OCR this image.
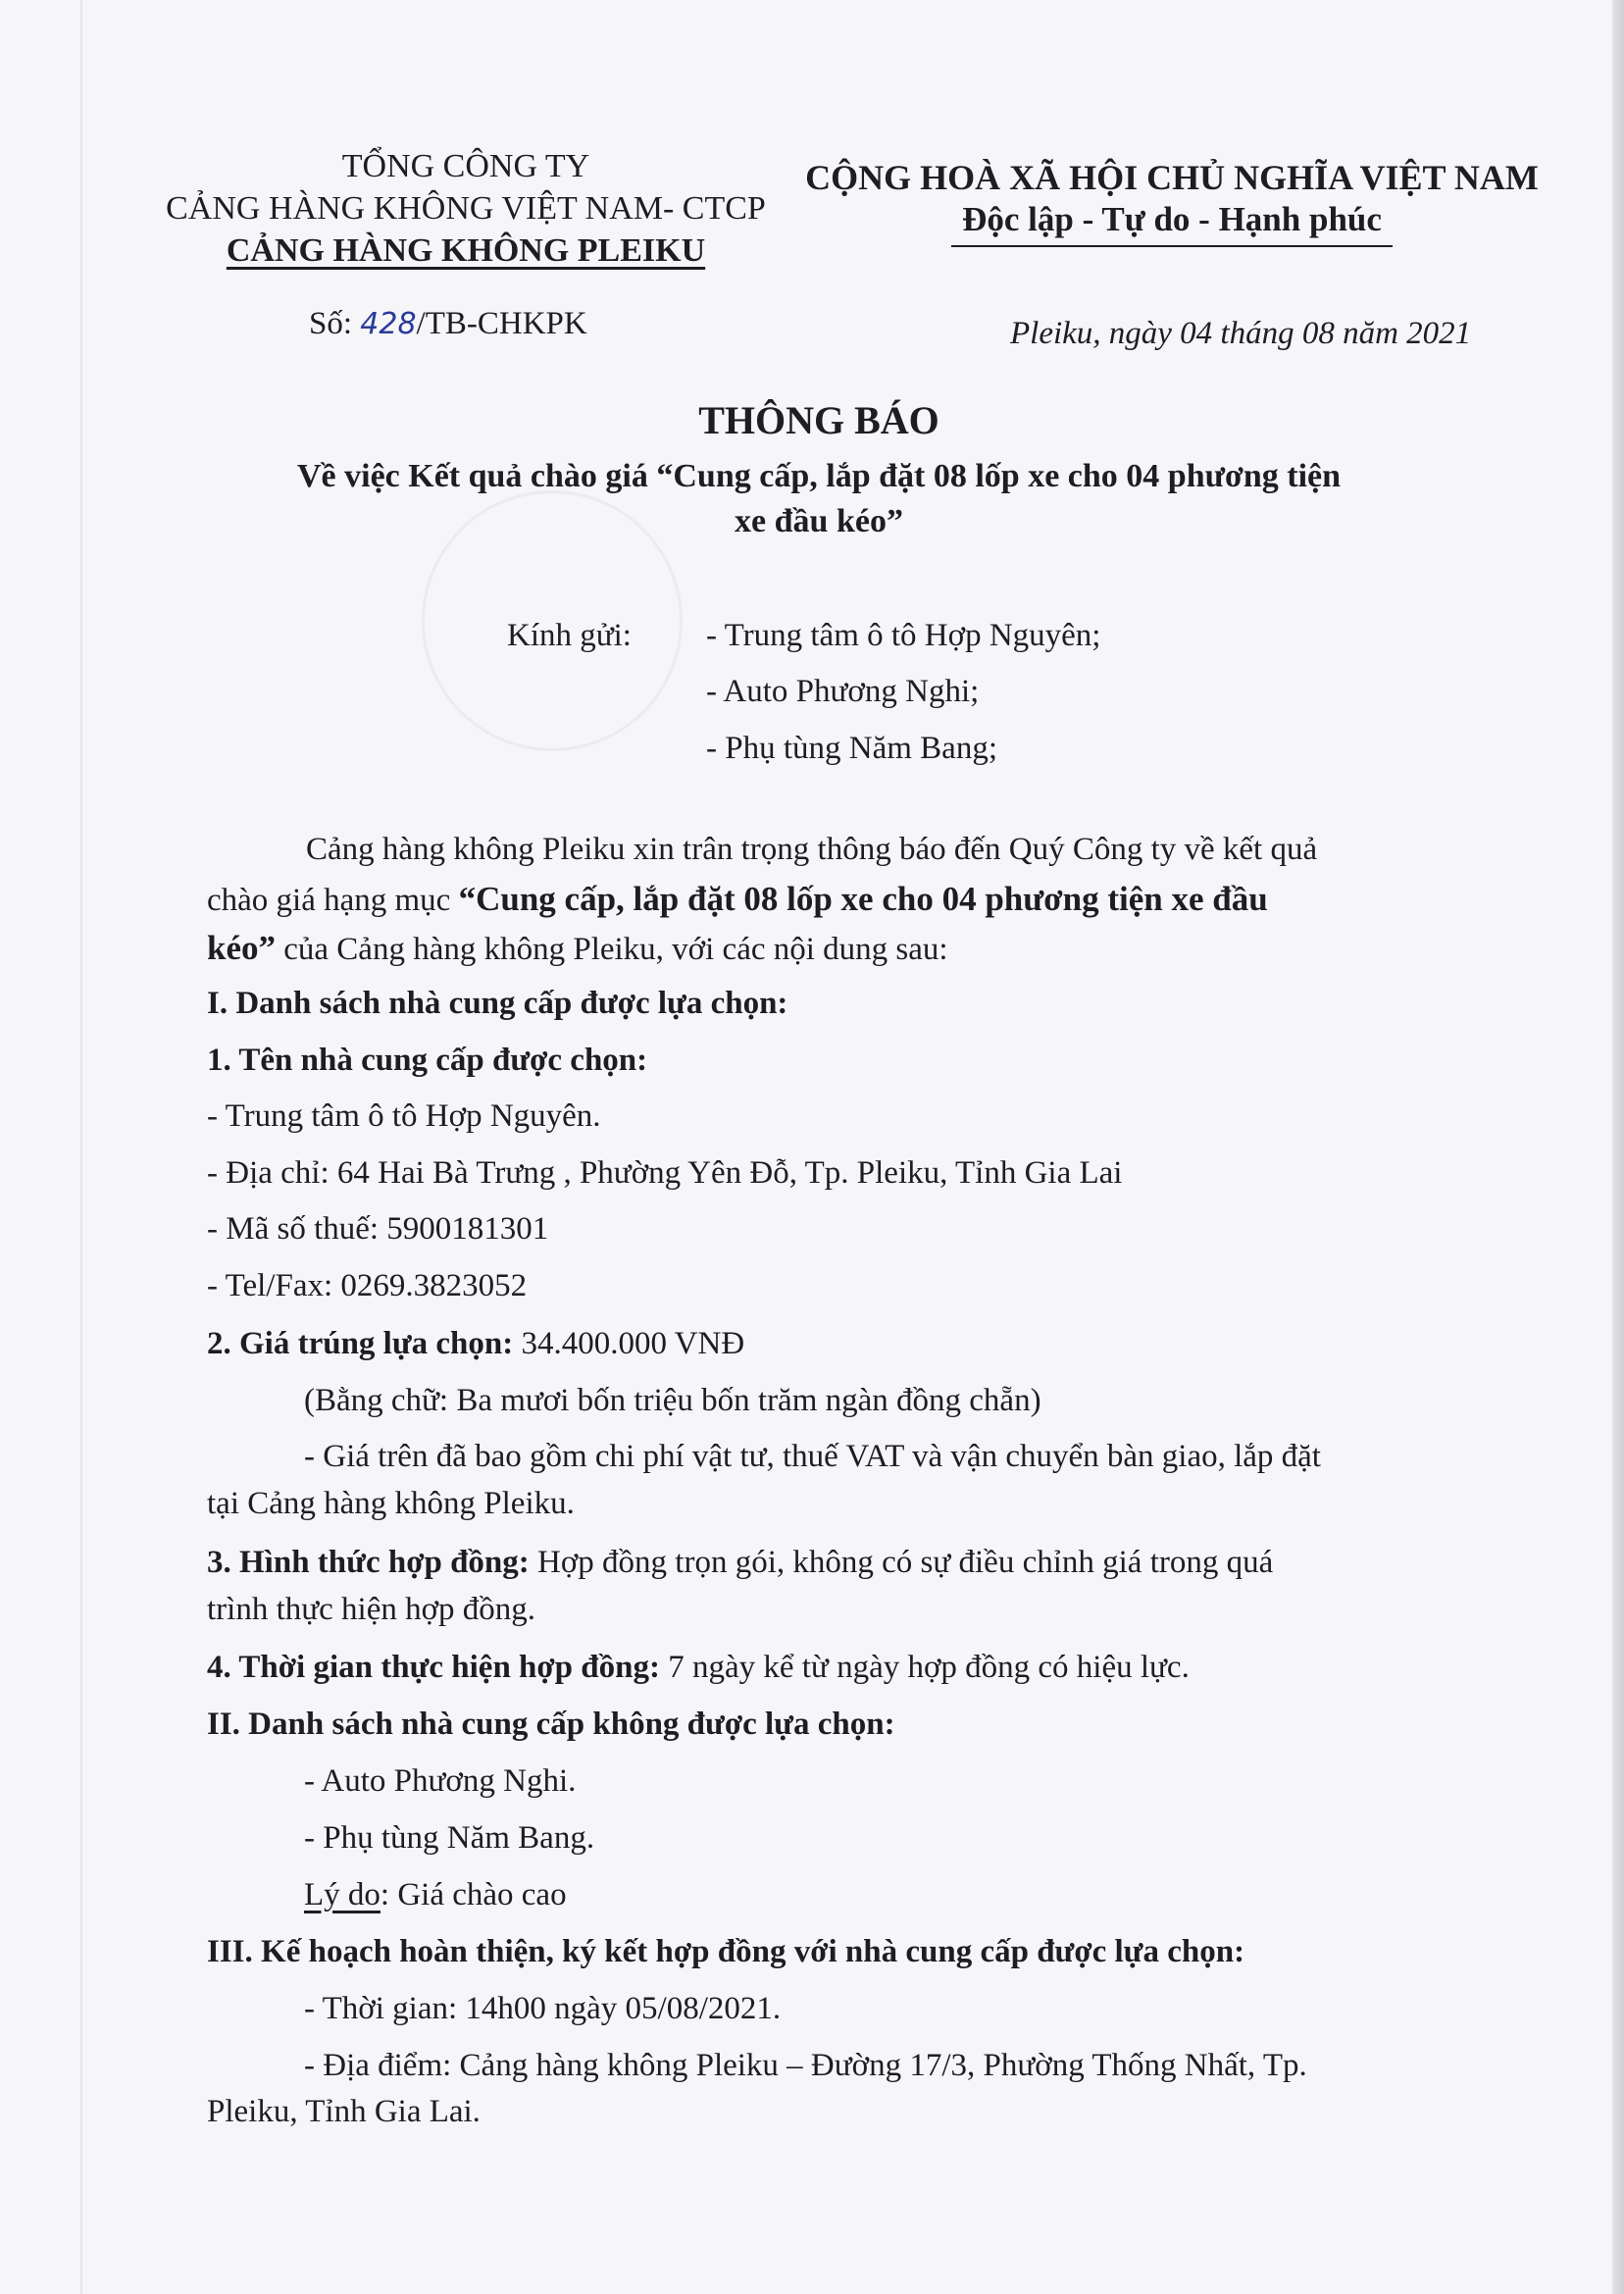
TỔNG CÔNG TY
CẢNG HÀNG KHÔNG VIỆT NAM- CTCP
CẢNG HÀNG KHÔNG PLEIKU
CỘNG HOÀ XÃ HỘI CHỦ NGHĨA VIỆT NAM
Độc lập - Tự do - Hạnh phúc
Số: 428/TB-CHKPK	Pleiku, ngày 04 tháng 08 năm 2021
THÔNG BÁO
Về việc Kết quả chào giá “Cung cấp, lắp đặt 08 lốp xe cho 04 phương tiện
xe đầu kéo”
Kính gửi: - Trung tâm ô tô Hợp Nguyên;
- Auto Phương Nghi;
- Phụ tùng Năm Bang;
Cảng hàng không Pleiku xin trân trọng thông báo đến Quý Công ty về kết quả
chào giá hạng mục “Cung cấp, lắp đặt 08 lốp xe cho 04 phương tiện xe đầu
kéo” của Cảng hàng không Pleiku, với các nội dung sau:
I. Danh sách nhà cung cấp được lựa chọn:
1. Tên nhà cung cấp được chọn:
- Trung tâm ô tô Hợp Nguyên.
- Địa chỉ: 64 Hai Bà Trưng , Phường Yên Đỗ, Tp. Pleiku, Tỉnh Gia Lai
- Mã số thuế: 5900181301
- Tel/Fax: 0269.3823052
2. Giá trúng lựa chọn: 34.400.000 VNĐ
(Bằng chữ: Ba mươi bốn triệu bốn trăm ngàn đồng chẵn)
- Giá trên đã bao gồm chi phí vật tư, thuế VAT và vận chuyển bàn giao, lắp đặt
tại Cảng hàng không Pleiku.
3. Hình thức hợp đồng: Hợp đồng trọn gói, không có sự điều chỉnh giá trong quá
trình thực hiện hợp đồng.
4. Thời gian thực hiện hợp đồng: 7 ngày kể từ ngày hợp đồng có hiệu lực.
II. Danh sách nhà cung cấp không được lựa chọn:
- Auto Phương Nghi.
- Phụ tùng Năm Bang.
Lý do: Giá chào cao
III. Kế hoạch hoàn thiện, ký kết hợp đồng với nhà cung cấp được lựa chọn:
- Thời gian: 14h00 ngày 05/08/2021.
- Địa điểm: Cảng hàng không Pleiku – Đường 17/3, Phường Thống Nhất, Tp.
Pleiku, Tỉnh Gia Lai.
